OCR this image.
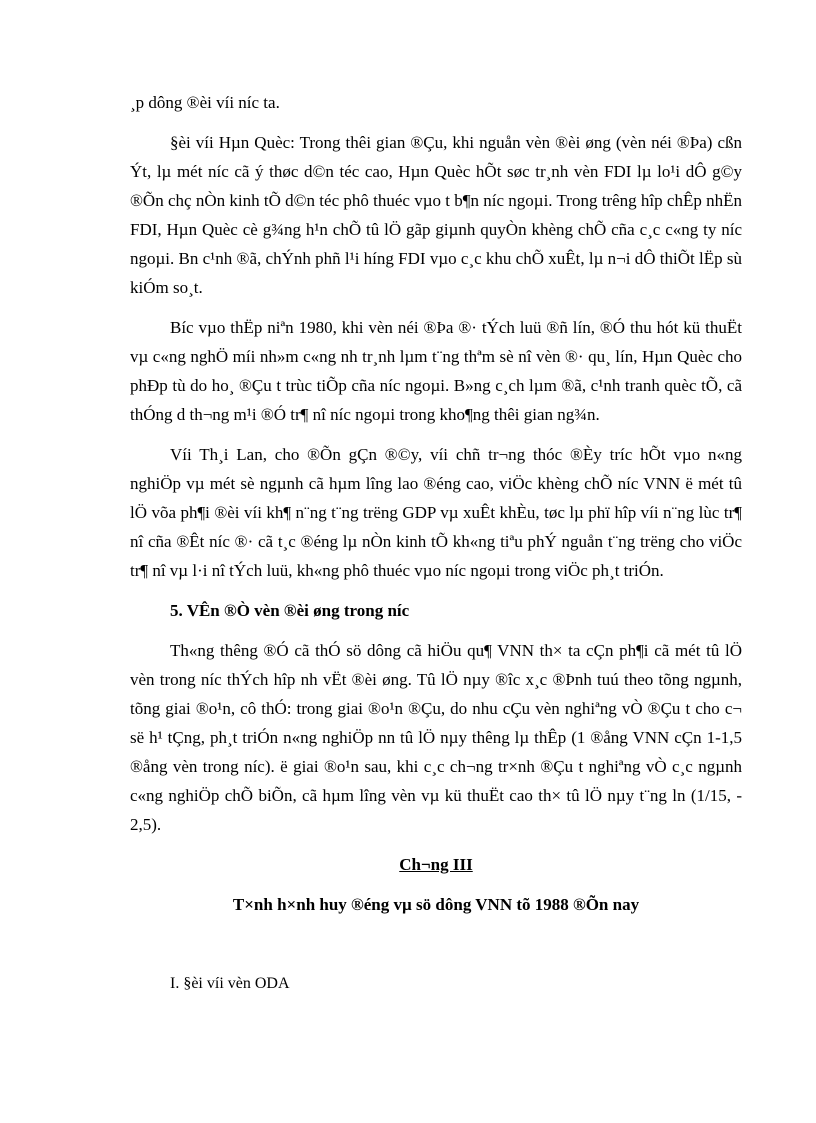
¸p dông ®èi víi níc ta.

§èi víi Hµn Quèc: Trong thêi gian ®Çu, khi nguån vèn ®èi øng (vèn néi ®Þa) cßn Ýt, lµ mét níc cã ý thøc d©n téc cao, Hµn Quèc hÕt søc tr¸nh vèn FDI lµ lo¹i dÔ g©y ®Õn chç nÒn kinh tÕ d©n téc phô thuéc vµo t b¶n níc ngoµi. Trong trêng hîp chÊp nhËn FDI, Hµn Quèc cè g¾ng h¹n chÕ tû lÖ gãp giµnh quyÒn khèng chÕ cña c¸c c«ng ty níc ngoµi. Bn c¹nh ®ã, chÝnh phñ l¹i híng FDI vµo c¸c khu chÕ xuÊt, lµ n¬i dÔ thiÕt lËp sù kiÓm so¸t.

Bíc vµo thËp niªn 1980, khi vèn néi ®Þa ®· tÝch luü ®ñ lín, ®Ó thu hót kü thuËt vµ c«ng nghÖ míi nh»m c«ng nh tr¸nh lµm t¨ng thªm sè nî vèn ®· qu¸ lín, Hµn Quèc cho phÐp tù do ho¸ ®Çu t trùc tiÕp cña níc ngoµi. B»ng c¸ch lµm ®ã, c¹nh tranh quèc tÕ, cã thÓng d th¬ng m¹i ®Ó tr¶ nî níc ngoµi trong kho¶ng thêi gian ng¾n.

Víi Th¸i Lan, cho ®Õn gÇn ®©y, víi chñ tr¬ng thóc ®Èy tríc hÕt vµo n«ng nghiÖp vµ mét sè ngµnh cã hµm lîng lao ®éng cao, viÖc khèng chÕ níc VNN ë mét tû lÖ võa ph¶i ®èi víi kh¶ n¨ng t¨ng trëng GDP vµ xuÊt khÈu, tøc lµ phï hîp víi n¨ng lùc tr¶ nî cña ®Êt níc ®· cã t¸c ®éng lµ nÒn kinh tÕ kh«ng tiªu phÝ nguån t¨ng trëng cho viÖc tr¶ nî vµ l·i nî tÝch luü, kh«ng phô thuéc vµo níc ngoµi trong viÖc ph¸t triÓn.

5. VÊn ®Ò vèn ®èi øng trong níc

Th«ng thêng ®Ó cã thÓ sö dông cã hiÖu qu¶ VNN th× ta cÇn ph¶i cã mét tû lÖ vèn trong níc thÝch hîp nh vËt ®èi øng. Tû lÖ nµy ®îc x¸c ®Þnh tuú theo tõng ngµnh, tõng giai ®o¹n, cô thÓ: trong giai ®o¹n ®Çu, do nhu cÇu vèn nghiªng vÒ ®Çu t cho c¬ së h¹ tÇng, ph¸t triÓn n«ng nghiÖp nn tû lÖ nµy thêng lµ thÊp (1 ®ång VNN cÇn 1-1,5 ®ång vèn trong níc). ë giai ®o¹n sau, khi c¸c ch¬ng tr×nh ®Çu t nghiªng vÒ c¸c ngµnh c«ng nghiÖp chÕ biÕn, cã hµm lîng vèn vµ kü thuËt cao th× tû lÖ nµy t¨ng ln (1/15, - 2,5).

Ch¬ng III

T×nh h×nh huy ®éng vµ sö dông VNN tõ 1988 ®Õn nay

I. §èi víi vèn ODA
